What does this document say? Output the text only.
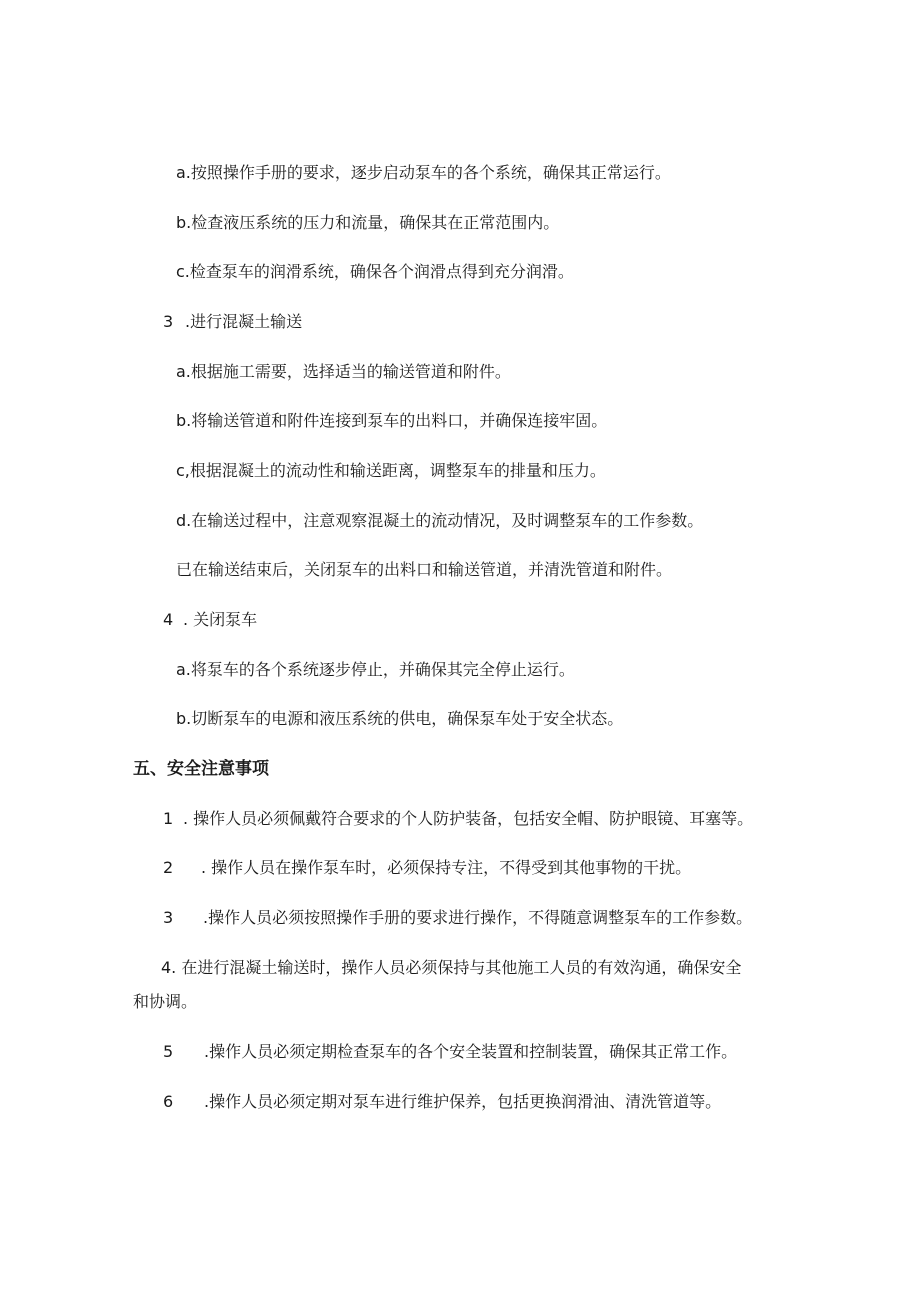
a.按照操作手册的要求，逐步启动泵车的各个系统，确保其正常运行。
b.检查液压系统的压力和流量，确保其在正常范围内。
c.检查泵车的润滑系统，确保各个润滑点得到充分润滑。
3 .进行混凝土输送
a.根据施工需要，选择适当的输送管道和附件。
b.将输送管道和附件连接到泵车的出料口，并确保连接牢固。
c,根据混凝土的流动性和输送距离，调整泵车的排量和压力。
d.在输送过程中，注意观察混凝土的流动情况，及时调整泵车的工作参数。
已在输送结束后，关闭泵车的出料口和输送管道，并清洗管道和附件。
4 . 关闭泵车
a.将泵车的各个系统逐步停止，并确保其完全停止运行。
b.切断泵车的电源和液压系统的供电，确保泵车处于安全状态。
五、安全注意事项
1 . 操作人员必须佩戴符合要求的个人防护装备，包括安全帽、防护眼镜、耳塞等。
2 . 操作人员在操作泵车时，必须保持专注，不得受到其他事物的干扰。
3 .操作人员必须按照操作手册的要求进行操作，不得随意调整泵车的工作参数。
4. 在进行混凝土输送时，操作人员必须保持与其他施工人员的有效沟通，确保安全
和协调。
5 .操作人员必须定期检查泵车的各个安全装置和控制装置，确保其正常工作。
6 .操作人员必须定期对泵车进行维护保养，包括更换润滑油、清洗管道等。
